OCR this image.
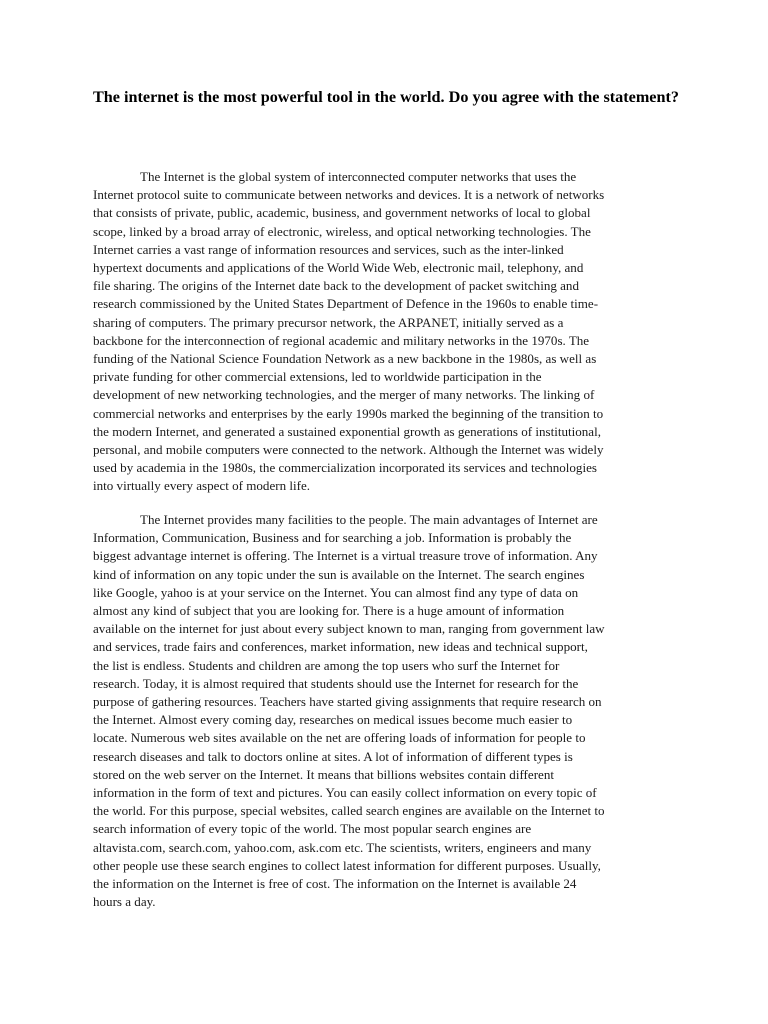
The internet is the most powerful tool in the world. Do you agree with the statement?

The Internet is the global system of interconnected computer networks that uses the
Internet protocol suite to communicate between networks and devices. It is a network of networks
that consists of private, public, academic, business, and government networks of local to global
scope, linked by a broad array of electronic, wireless, and optical networking technologies. The
Internet carries a vast range of information resources and services, such as the inter-linked
hypertext documents and applications of the World Wide Web, electronic mail, telephony, and
file sharing. The origins of the Internet date back to the development of packet switching and
research commissioned by the United States Department of Defence in the 1960s to enable time-
sharing of computers. The primary precursor network, the ARPANET, initially served as a
backbone for the interconnection of regional academic and military networks in the 1970s. The
funding of the National Science Foundation Network as a new backbone in the 1980s, as well as
private funding for other commercial extensions, led to worldwide participation in the
development of new networking technologies, and the merger of many networks. The linking of
commercial networks and enterprises by the early 1990s marked the beginning of the transition to
the modern Internet, and generated a sustained exponential growth as generations of institutional,
personal, and mobile computers were connected to the network. Although the Internet was widely
used by academia in the 1980s, the commercialization incorporated its services and technologies
into virtually every aspect of modern life.

The Internet provides many facilities to the people. The main advantages of Internet are
Information, Communication, Business and for searching a job. Information is probably the
biggest advantage internet is offering. The Internet is a virtual treasure trove of information. Any
kind of information on any topic under the sun is available on the Internet. The search engines
like Google, yahoo is at your service on the Internet. You can almost find any type of data on
almost any kind of subject that you are looking for. There is a huge amount of information
available on the internet for just about every subject known to man, ranging from government law
and services, trade fairs and conferences, market information, new ideas and technical support,
the list is endless. Students and children are among the top users who surf the Internet for
research. Today, it is almost required that students should use the Internet for research for the
purpose of gathering resources. Teachers have started giving assignments that require research on
the Internet. Almost every coming day, researches on medical issues become much easier to
locate. Numerous web sites available on the net are offering loads of information for people to
research diseases and talk to doctors online at sites. A lot of information of different types is
stored on the web server on the Internet. It means that billions websites contain different
information in the form of text and pictures. You can easily collect information on every topic of
the world. For this purpose, special websites, called search engines are available on the Internet to
search information of every topic of the world. The most popular search engines are
altavista.com, search.com, yahoo.com, ask.com etc. The scientists, writers, engineers and many
other people use these search engines to collect latest information for different purposes. Usually,
the information on the Internet is free of cost. The information on the Internet is available 24
hours a day.
